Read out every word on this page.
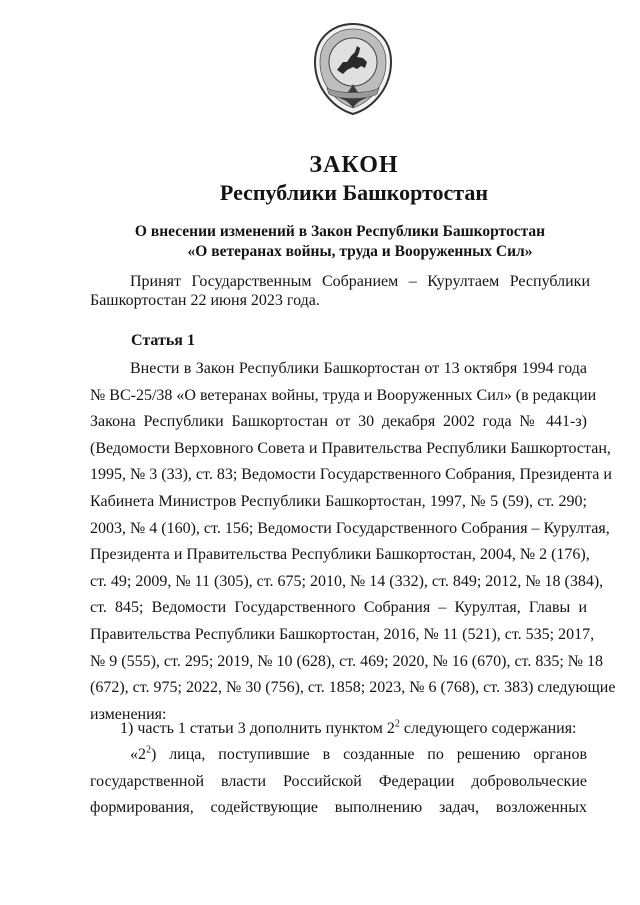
ЗАКОН
Республики Башкортостан
О внесении изменений в Закон Республики Башкортостан
«О ветеранах войны, труда и Вооруженных Сил»

Принят Государственным Собранием – Курултаем Республики
Башкортостан 22 июня 2023 года.

Статья 1
Внести в Закон Республики Башкортостан от 13 октября 1994 года
№ ВС-25/38 «О ветеранах войны, труда и Вооруженных Сил» (в редакции
Закона Республики Башкортостан от 30 декабря 2002 года № 441-з)
(Ведомости Верховного Совета и Правительства Республики Башкортостан,
1995, № 3 (33), ст. 83; Ведомости Государственного Собрания, Президента и
Кабинета Министров Республики Башкортостан, 1997, № 5 (59), ст. 290;
2003, № 4 (160), ст. 156; Ведомости Государственного Собрания – Курултая,
Президента и Правительства Республики Башкортостан, 2004, № 2 (176),
ст. 49; 2009, № 11 (305), ст. 675; 2010, № 14 (332), ст. 849; 2012, № 18 (384),
ст. 845; Ведомости Государственного Собрания – Курултая, Главы и
Правительства Республики Башкортостан, 2016, № 11 (521), ст. 535; 2017,
№ 9 (555), ст. 295; 2019, № 10 (628), ст. 469; 2020, № 16 (670), ст. 835; № 18
(672), ст. 975; 2022, № 30 (756), ст. 1858; 2023, № 6 (768), ст. 383) следующие
изменения:
1) часть 1 статьи 3 дополнить пунктом $2^2$ следующего содержания:
«$2^2$) лица, поступившие в созданные по решению органов
государственной власти Российской Федерации добровольческие
формирования, содействующие выполнению задач, возложенных
